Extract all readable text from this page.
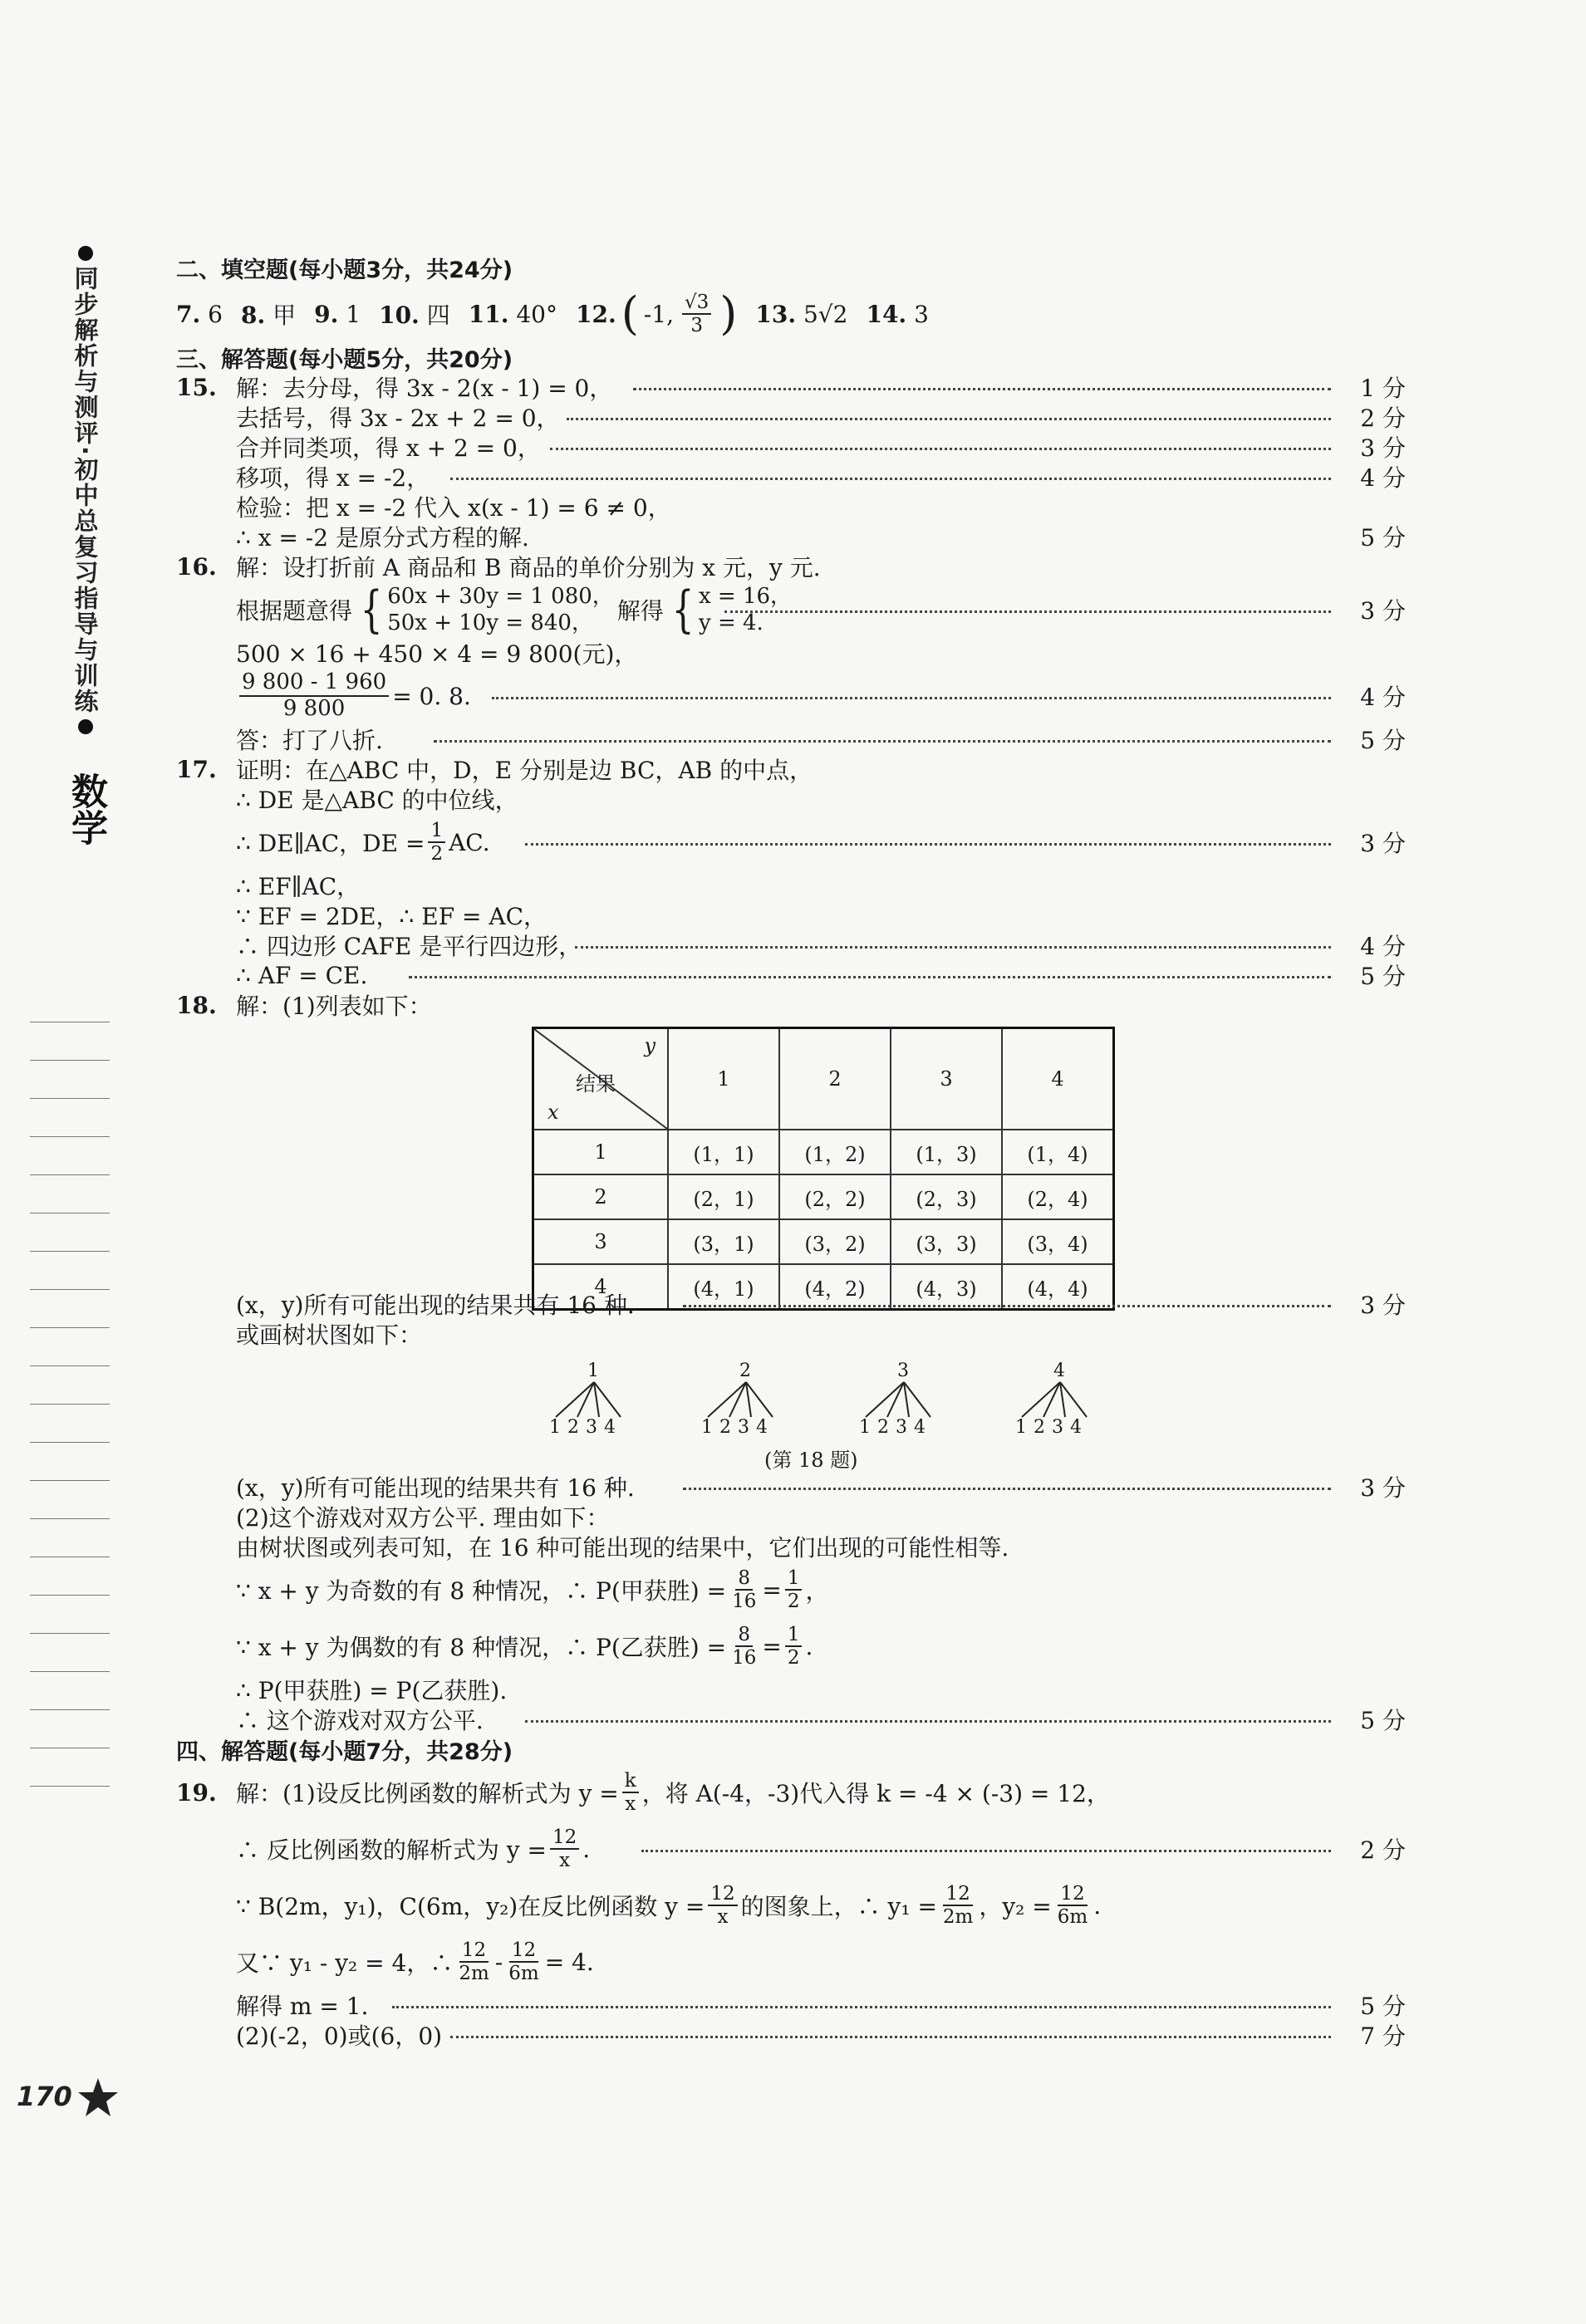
同步解析与测评·初中总复习指导与训练
数学
170
二、填空题(每小题3分，共24分)
7. 6 8. 甲 9. 1 10. 四 11. 40° 12. ( -1, $\frac{√3}{3}$ ) 13. 5√2 14. 3
三、解答题(每小题5分，共20分)
15. 解：去分母，得 3x - 2(x - 1) = 0，	1 分
去括号，得 3x - 2x + 2 = 0，	2 分
合并同类项，得 x + 2 = 0，	3 分
移项，得 x = -2，	4 分
检验：把 x = -2 代入 x(x - 1) = 6 ≠ 0，
∴ x = -2 是原分式方程的解.	5 分
16. 解：设打折前 A 商品和 B 商品的单价分别为 x 元，y 元.
根据题意得 { 60x + 30y = 1 080，
50x + 10y = 840，	解得 { x = 16，
y = 4.	3 分
500 × 16 + 450 × 4 = 9 800(元)，
$\frac{9 800 - 1 960}{9 800} = 0$. 8.	4 分
答：打了八折.	5 分
17. 证明：在△ABC 中，D，E 分别是边 BC，AB 的中点，
∴ DE 是△ABC 的中位线，
∴ DE∥AC，DE = $\frac{1}{2}$ AC.	3 分
∴ EF∥AC，
∵ EF = 2DE，∴ EF = AC，
∴ 四边形 CAFE 是平行四边形，	4 分
∴ AF = CE.	5 分
18. 解：(1)列表如下：
y
结果
x	1	2	3	4
1	(1，1)	(1，2)	(1，3)	(1，4)
2	(2，1)	(2，2)	(2，3)	(2，4)
3	(3，1)	(3，2)	(3，3)	(3，4)
4	(4，1)	(4，2)	(4，3)	(4，4)
(x，y)所有可能出现的结果共有 16 种.	3 分
或画树状图如下：
1
1234
2
1234
3
1234
4
1234
(第 18 题)
(x，y)所有可能出现的结果共有 16 种.	3 分
(2)这个游戏对双方公平. 理由如下：
由树状图或列表可知，在 16 种可能出现的结果中，它们出现的可能性相等.
∵ x + y 为奇数的有 8 种情况，∴ P(甲获胜) = $\frac{8}{16} = \frac{1}{2}$ ，
∵ x + y 为偶数的有 8 种情况，∴ P(乙获胜) = $\frac{8}{16} = \frac{1}{2}$ .
∴ P(甲获胜) = P(乙获胜).
∴ 这个游戏对双方公平.	5 分
四、解答题(每小题7分，共28分)
19. 解：(1)设反比例函数的解析式为 $y = \frac{k}{x}$ ，将 A(-4，-3)代入得 k = -4 × (-3) = 12，
∴ 反比例函数的解析式为 $y = \frac{12}{x}$ .	2 分
∵ B(2m，y₁)，C(6m，y₂)在反比例函数 $y = \frac{12}{x}$ 的图象上，∴ $y_1 = \frac{12}{2m}$ ，$y_2 = \frac{12}{6m}$ .
又∵ y₁ - y₂ = 4，∴ $\frac{12}{2m} - \frac{12}{6m} = 4$.
解得 m = 1.	5 分
(2)(-2，0)或(6，0)	7 分
